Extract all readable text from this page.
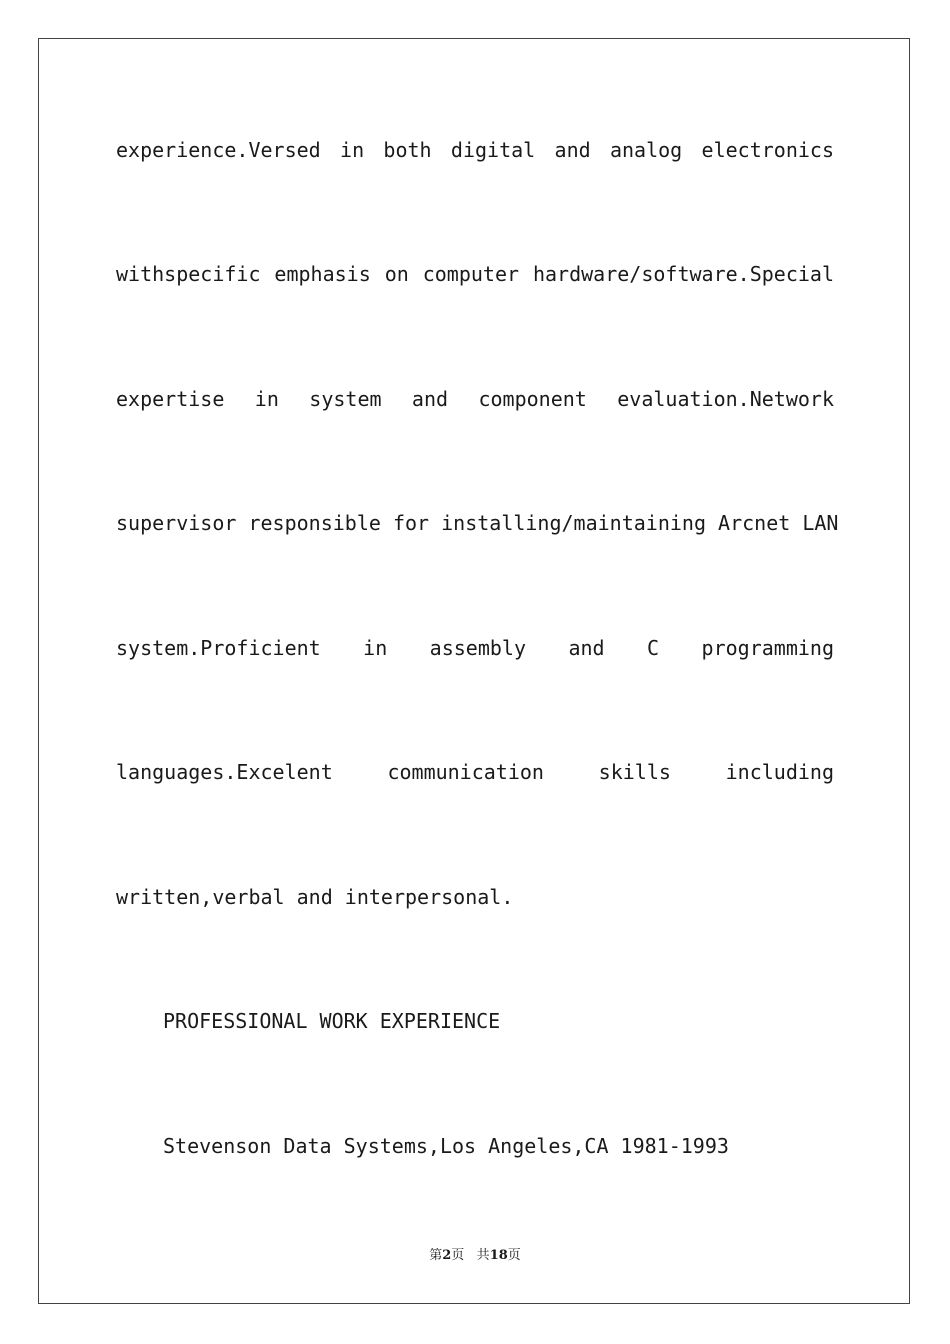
experience.Versed in both digital and analog electronics
withspecific emphasis on computer hardware/software.Special
expertise in system and component evaluation.Network
supervisor responsible for installing/maintaining Arcnet LAN
system.Proficient in assembly and C programming
languages.Excelent communication skills including
written,verbal and interpersonal.
PROFESSIONAL WORK EXPERIENCE
Stevenson Data Systems,Los Angeles,CA 1981-1993
第2页 共18页
